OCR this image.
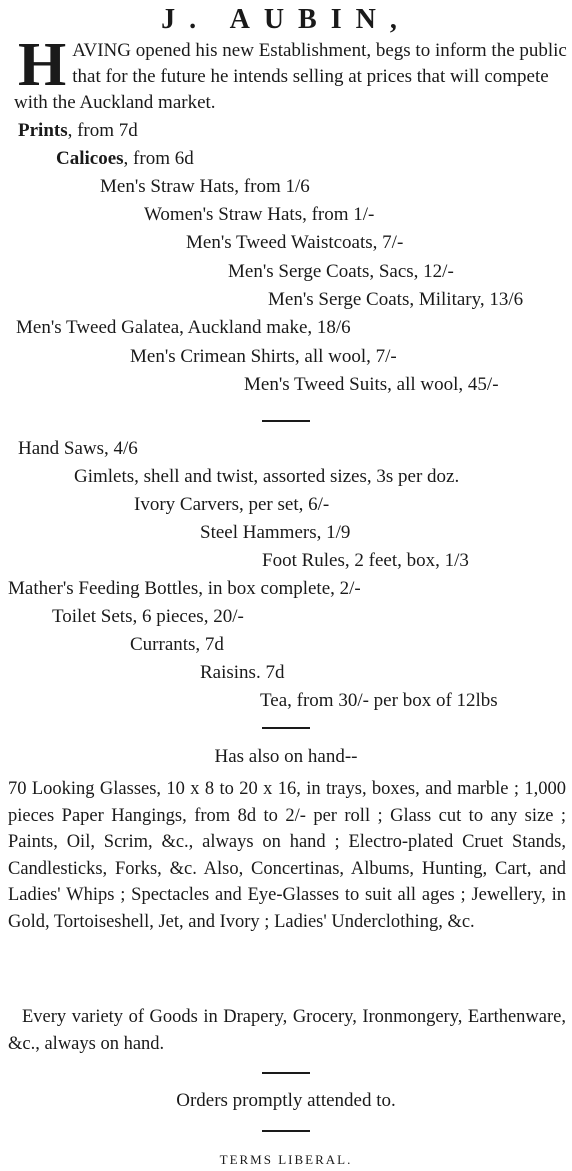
J. AUBIN,
H AVING opened his new Establishment, begs to inform the public that for the future he intends selling at prices that will compete with the Auckland market.
Prints, from 7d
Calicoes, from 6d
Men's Straw Hats, from 1/6
Women's Straw Hats, from 1/-
Men's Tweed Waistcoats, 7/-
Men's Serge Coats, Sacs, 12/-
Men's Serge Coats, Military, 13/6
Men's Tweed Galatea, Auckland make, 18/6
Men's Crimean Shirts, all wool, 7/-
Men's Tweed Suits, all wool, 45/-
Hand Saws, 4/6
Gimlets, shell and twist, assorted sizes, 3s per doz.
Ivory Carvers, per set, 6/-
Steel Hammers, 1/9
Foot Rules, 2 feet, box, 1/3
Mather's Feeding Bottles, in box complete, 2/-
Toilet Sets, 6 pieces, 20/-
Currants, 7d
Raisins. 7d
Tea, from 30/- per box of 12lbs
Has also on hand--
70 Looking Glasses, 10 x 8 to 20 x 16, in trays, boxes, and marble ; 1,000 pieces Paper Hangings, from 8d to 2/- per roll ; Glass cut to any size ; Paints, Oil, Scrim, &c., always on hand ; Electro-plated Cruet Stands, Candlesticks, Forks, &c. Also, Concertinas, Albums, Hunting, Cart, and Ladies' Whips ; Spectacles and Eye-Glasses to suit all ages ; Jewellery, in Gold, Tortoiseshell, Jet, and Ivory ; Ladies' Underclothing, &c.
Every variety of Goods in Drapery, Grocery, Ironmongery, Earthenware, &c., always on hand.
Orders promptly attended to.
TERMS LIBERAL.
